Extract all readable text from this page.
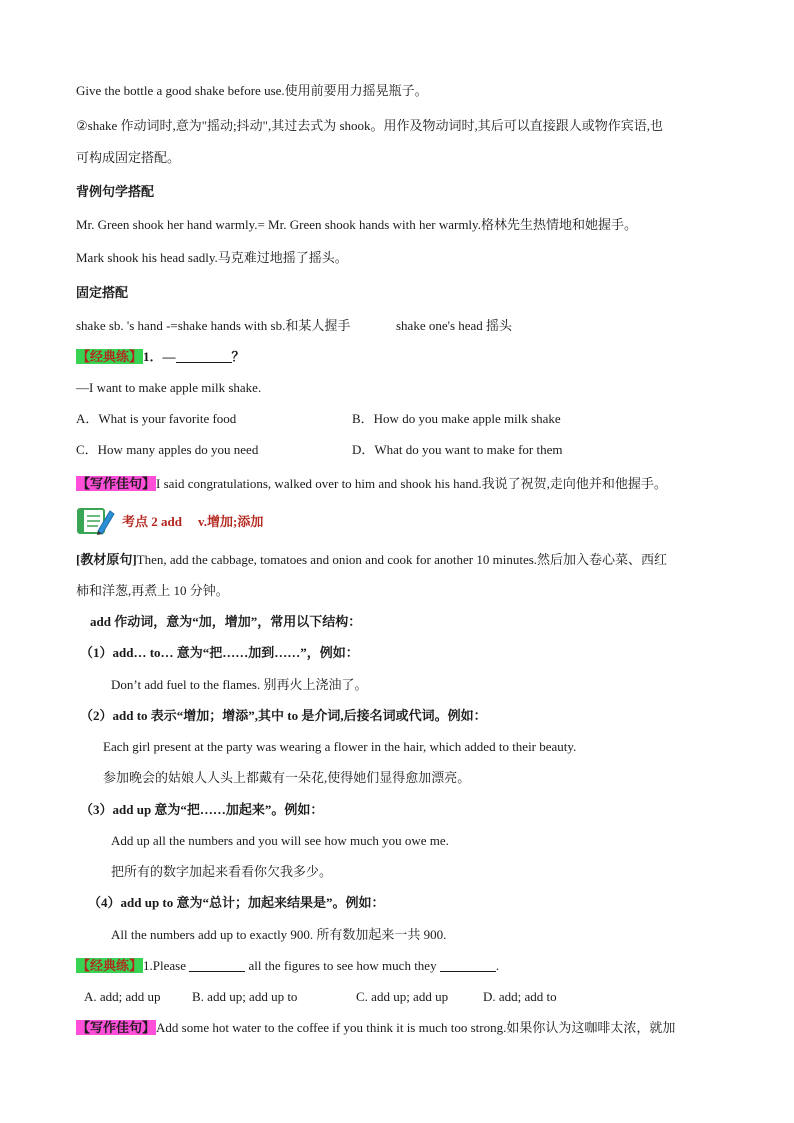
Give the bottle a good shake before use.使用前要用力摇晃瓶子。
②shake 作动词时,意为"摇动;抖动",其过去式为 shook。用作及物动词时,其后可以直接跟人或物作宾语,也
可构成固定搭配。
背例句学搭配
Mr. Green shook her hand warmly.= Mr. Green shook hands with her warmly.格林先生热情地和她握手。
Mark shook his head sadly.马克难过地摇了摇头。
固定搭配
shake sb. 's hand -=shake hands with sb.和某人握手	shake one's head 摇头
【经典练】1．—	？
—I want to make apple milk shake.
A．What is your favorite food	B．How do you make apple milk shake
C．How many apples do you need	D．What do you want to make for them
【写作佳句】I said congratulations, walked over to him and shook his hand.我说了祝贺,走向他并和他握手。
考点 2 add v.增加;添加
[教材原句]Then, add the cabbage, tomatoes and onion and cook for another 10 minutes.然后加入卷心菜、西红
柿和洋葱,再煮上 10 分钟。
add 作动词，意为“加，增加”，常用以下结构：
（1）add… to… 意为“把……加到……”，例如：
Don’t add fuel to the flames. 别再火上浇油了。
（2）add to 表示“增加；增添”,其中 to 是介词,后接名词或代词。例如：
Each girl present at the party was wearing a flower in the hair, which added to their beauty.
参加晚会的姑娘人人头上都戴有一朵花,使得她们显得愈加漂亮。
（3）add up 意为“把……加起来”。例如：
Add up all the numbers and you will see how much you owe me.
把所有的数字加起来看看你欠我多少。
（4）add up to 意为“总计；加起来结果是”。例如：
All the numbers add up to exactly 900. 所有数加起来一共 900.
【经典练】1.Please	all the figures to see how much they	.
A. add; add up B. add up; add up to	C. add up; add up	D. add; add to
【写作佳句】Add some hot water to the coffee if you think it is much too strong.如果你认为这咖啡太浓，就加
